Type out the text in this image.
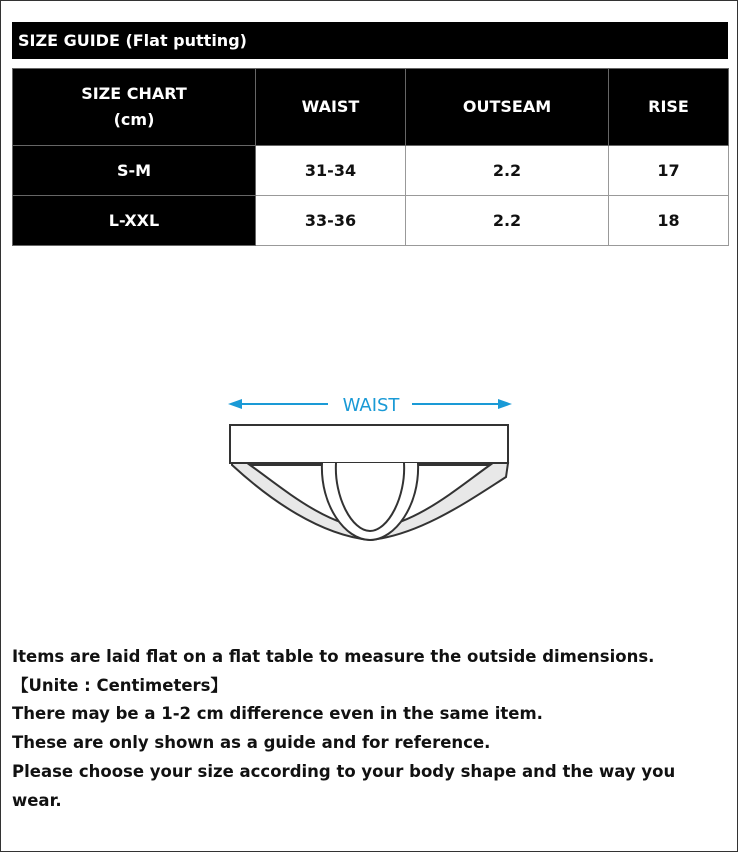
SIZE GUIDE (Flat putting)
SIZE CHART
(cm)	WAIST	OUTSEAM	RISE
S-M	31-34	2.2	17
L-XXL	33-36	2.2	18
WAIST

Items are laid flat on a flat table to measure the outside dimensions.

【Unite : Centimeters】

There may be a 1-2 cm difference even in the same item.

These are only shown as a guide and for reference.

Please choose your size according to your body shape and the way you wear.
